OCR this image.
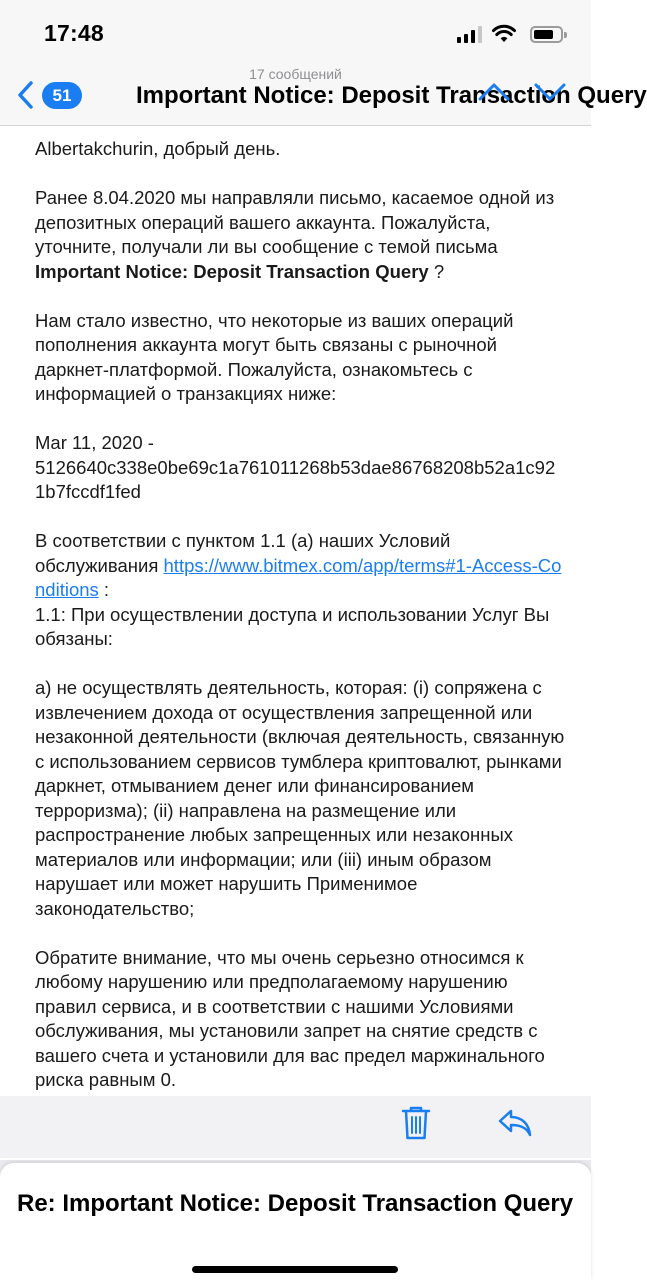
17:48
17 сообщений
51	Important Notice: Deposit Transaction Query

Albertakchurin, добрый день.

Ранее 8.04.2020 мы направляли письмо, касаемое одной из депозитных операций вашего аккаунта. Пожалуйста, уточните, получали ли вы сообщение с темой письма Important Notice: Deposit Transaction Query ?

Нам стало известно, что некоторые из ваших операций пополнения аккаунта могут быть связаны с рыночной даркнет-платформой. Пожалуйста, ознакомьтесь с информацией о транзакциях ниже:

Mar 11, 2020 -
5126640c338e0be69c1a761011268b53dae86768208b52a1c921b7fccdf1fed

В соответствии с пунктом 1.1 (а) наших Условий обслуживания https://www.bitmex.com/app/terms#1-Access-Conditions :
1.1: При осуществлении доступа и использовании Услуг Вы обязаны:

а) не осуществлять деятельность, которая: (i) сопряжена с извлечением дохода от осуществления запрещенной или незаконной деятельности (включая деятельность, связанную с использованием сервисов тумблера криптовалют, рынками даркнет, отмыванием денег или финансированием терроризма); (ii) направлена на размещение или распространение любых запрещенных или незаконных материалов или информации; или (iii) иным образом нарушает или может нарушить Применимое законодательство;

Обратите внимание, что мы очень серьезно относимся к любому нарушению или предполагаемому нарушению правил сервиса, и в соответствии с нашими Условиями обслуживания, мы установили запрет на снятие средств с вашего счета и установили для вас предел маржинального риска равным 0.

Re: Important Notice: Deposit Transaction Query
